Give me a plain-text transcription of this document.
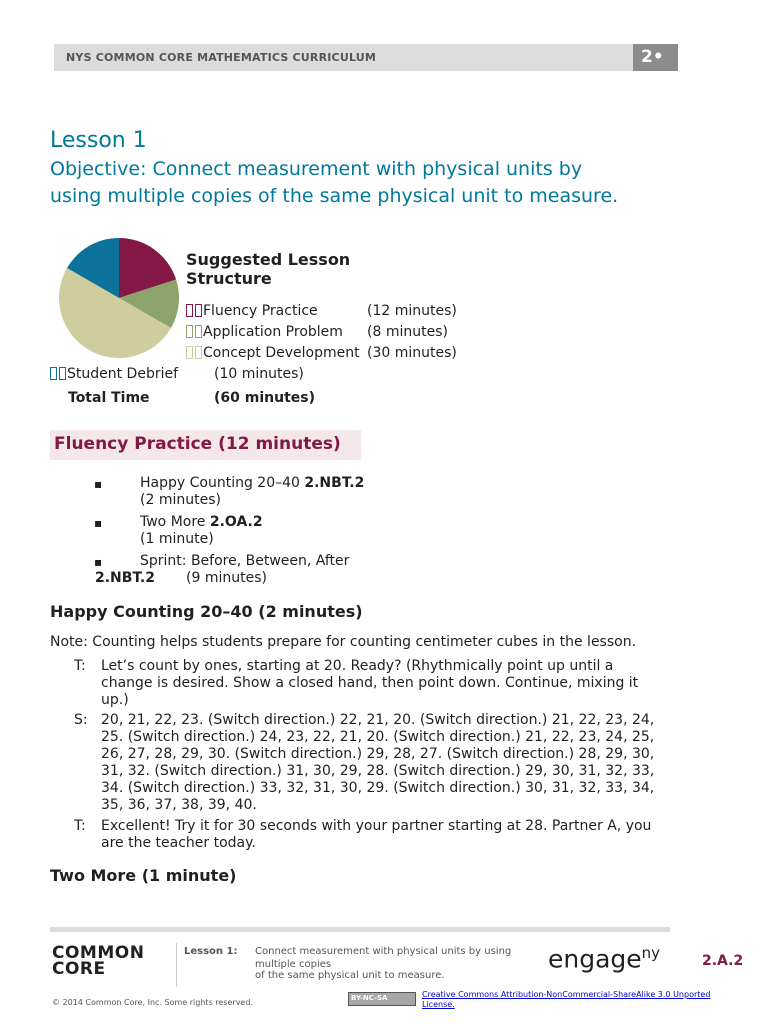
NYS COMMON CORE MATHEMATICS CURRICULUM	2•
Lesson 1
Objective: Connect measurement with physical units by
using multiple copies of the same physical unit to measure.
Suggested Lesson Structure
Fluency Practice	(12 minutes)
Application Problem (8 minutes)
Concept Development (30 minutes)
Student Debrief	(10 minutes)
Total Time	(60 minutes)
Fluency Practice (12 minutes)
▪	Happy Counting 20–40 2.NBT.2
(2 minutes)
▪	Two More 2.OA.2
(1 minute)
▪	Sprint: Before, Between, After
2.NBT.2 (9 minutes)
Happy Counting 20–40 (2 minutes)
Note: Counting helps students prepare for counting centimeter cubes in the lesson.
T: Let’s count by ones, starting at 20. Ready? (Rhythmically point up until a
change is desired. Show a closed hand, then point down. Continue, mixing it
up.)
S: 20, 21, 22, 23. (Switch direction.) 22, 21, 20. (Switch direction.) 21, 22, 23, 24,
25. (Switch direction.) 24, 23, 22, 21, 20. (Switch direction.) 21, 22, 23, 24, 25,
26, 27, 28, 29, 30. (Switch direction.) 29, 28, 27. (Switch direction.) 28, 29, 30,
31, 32. (Switch direction.) 31, 30, 29, 28. (Switch direction.) 29, 30, 31, 32, 33,
34. (Switch direction.) 33, 32, 31, 30, 29. (Switch direction.) 30, 31, 32, 33, 34,
35, 36, 37, 38, 39, 40.
T: Excellent! Try it for 30 seconds with your partner starting at 28. Partner A, you
are the teacher today.
Two More (1 minute)
COMMON
CORE
Lesson 1: Connect measurement with physical units by using
multiple copies
of the same physical unit to measure.
engage$^{ny}$	2.A.2
© 2014 Common Core, Inc. Some rights reserved.	BY-NC-SA	Creative Commons Attribution-NonCommercial-ShareAlike 3.0 Unported License.
